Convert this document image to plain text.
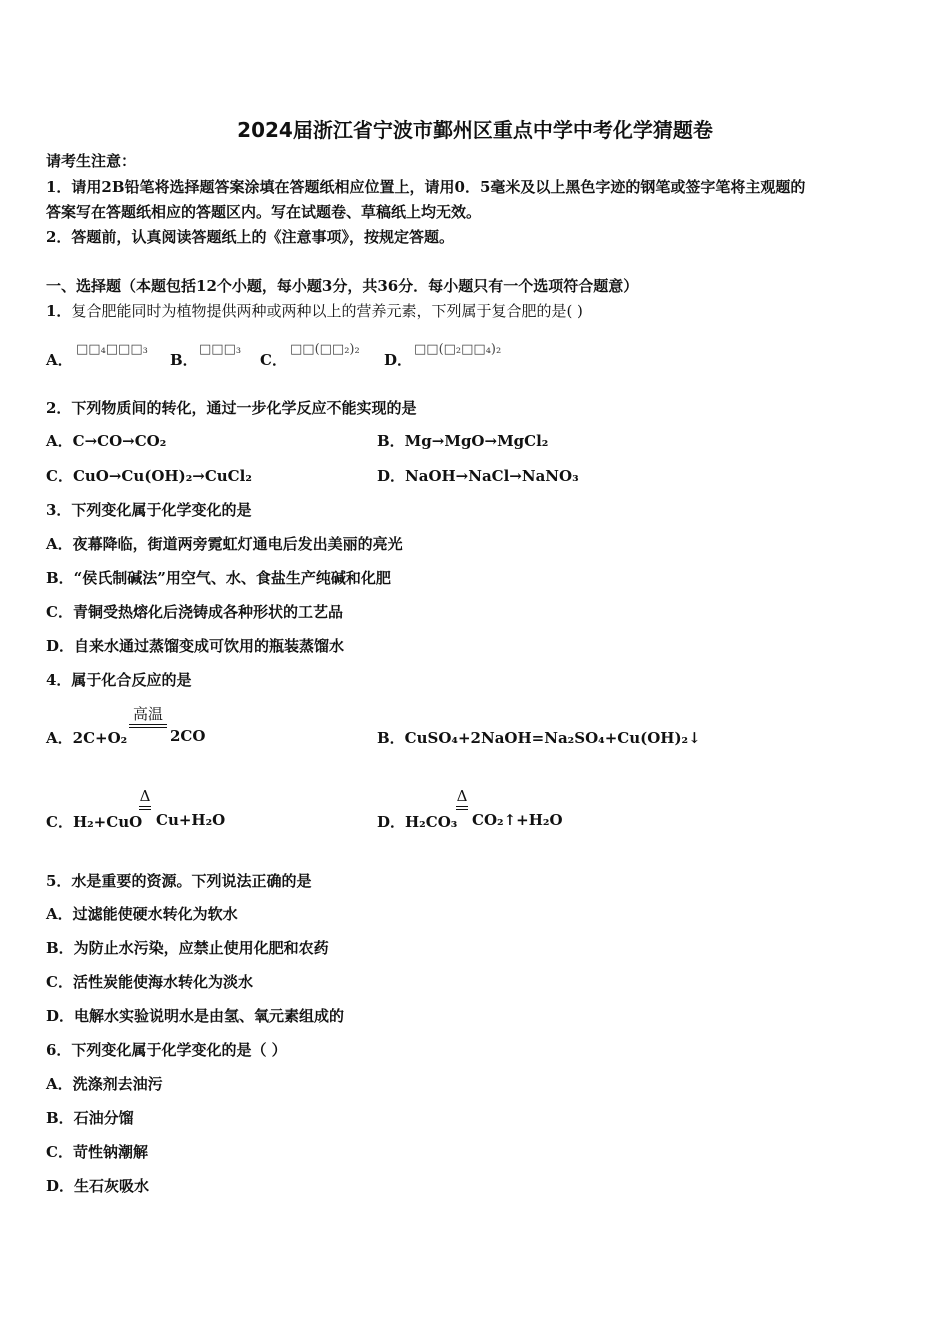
2024届浙江省宁波市鄞州区重点中学中考化学猜题卷
请考生注意：
1．请用2B铅笔将选择题答案涂填在答题纸相应位置上，请用0．5毫米及以上黑色字迹的钢笔或签字笔将主观题的
答案写在答题纸相应的答题区内。写在试题卷、草稿纸上均无效。
2．答题前，认真阅读答题纸上的《注意事项》，按规定答题。
一、选择题（本题包括12个小题，每小题3分，共36分．每小题只有一个选项符合题意）
1．复合肥能同时为植物提供两种或两种以上的营养元素，下列属于复合肥的是( )
A．
□□₄□□□₃
B．
□□□₃
C．
□□(□□₂)₂
D．
□□(□₂□□₄)₂
2．下列物质间的转化，通过一步化学反应不能实现的是
A．C→CO→CO₂	B．Mg→MgO→MgCl₂
C．CuO→Cu(OH)₂→CuCl₂	D．NaOH→NaCl→NaNO₃
3．下列变化属于化学变化的是
A．夜幕降临，街道两旁霓虹灯通电后发出美丽的亮光
B．“侯氏制碱法”用空气、水、食盐生产纯碱和化肥
C．青铜受热熔化后浇铸成各种形状的工艺品
D．自来水通过蒸馏变成可饮用的瓶装蒸馏水
4．属于化合反应的是
A．2C+O₂
高温
2CO	B．CuSO₄+2NaOH=Na₂SO₄+Cu(OH)₂↓
C．H₂+CuO
Δ
Cu+H₂O	D．H₂CO₃
Δ
CO₂↑+H₂O
5．水是重要的资源。下列说法正确的是
A．过滤能使硬水转化为软水
B．为防止水污染，应禁止使用化肥和农药
C．活性炭能使海水转化为淡水
D．电解水实验说明水是由氢、氧元素组成的
6．下列变化属于化学变化的是（ ）
A．洗涤剂去油污
B．石油分馏
C．苛性钠潮解
D．生石灰吸水
